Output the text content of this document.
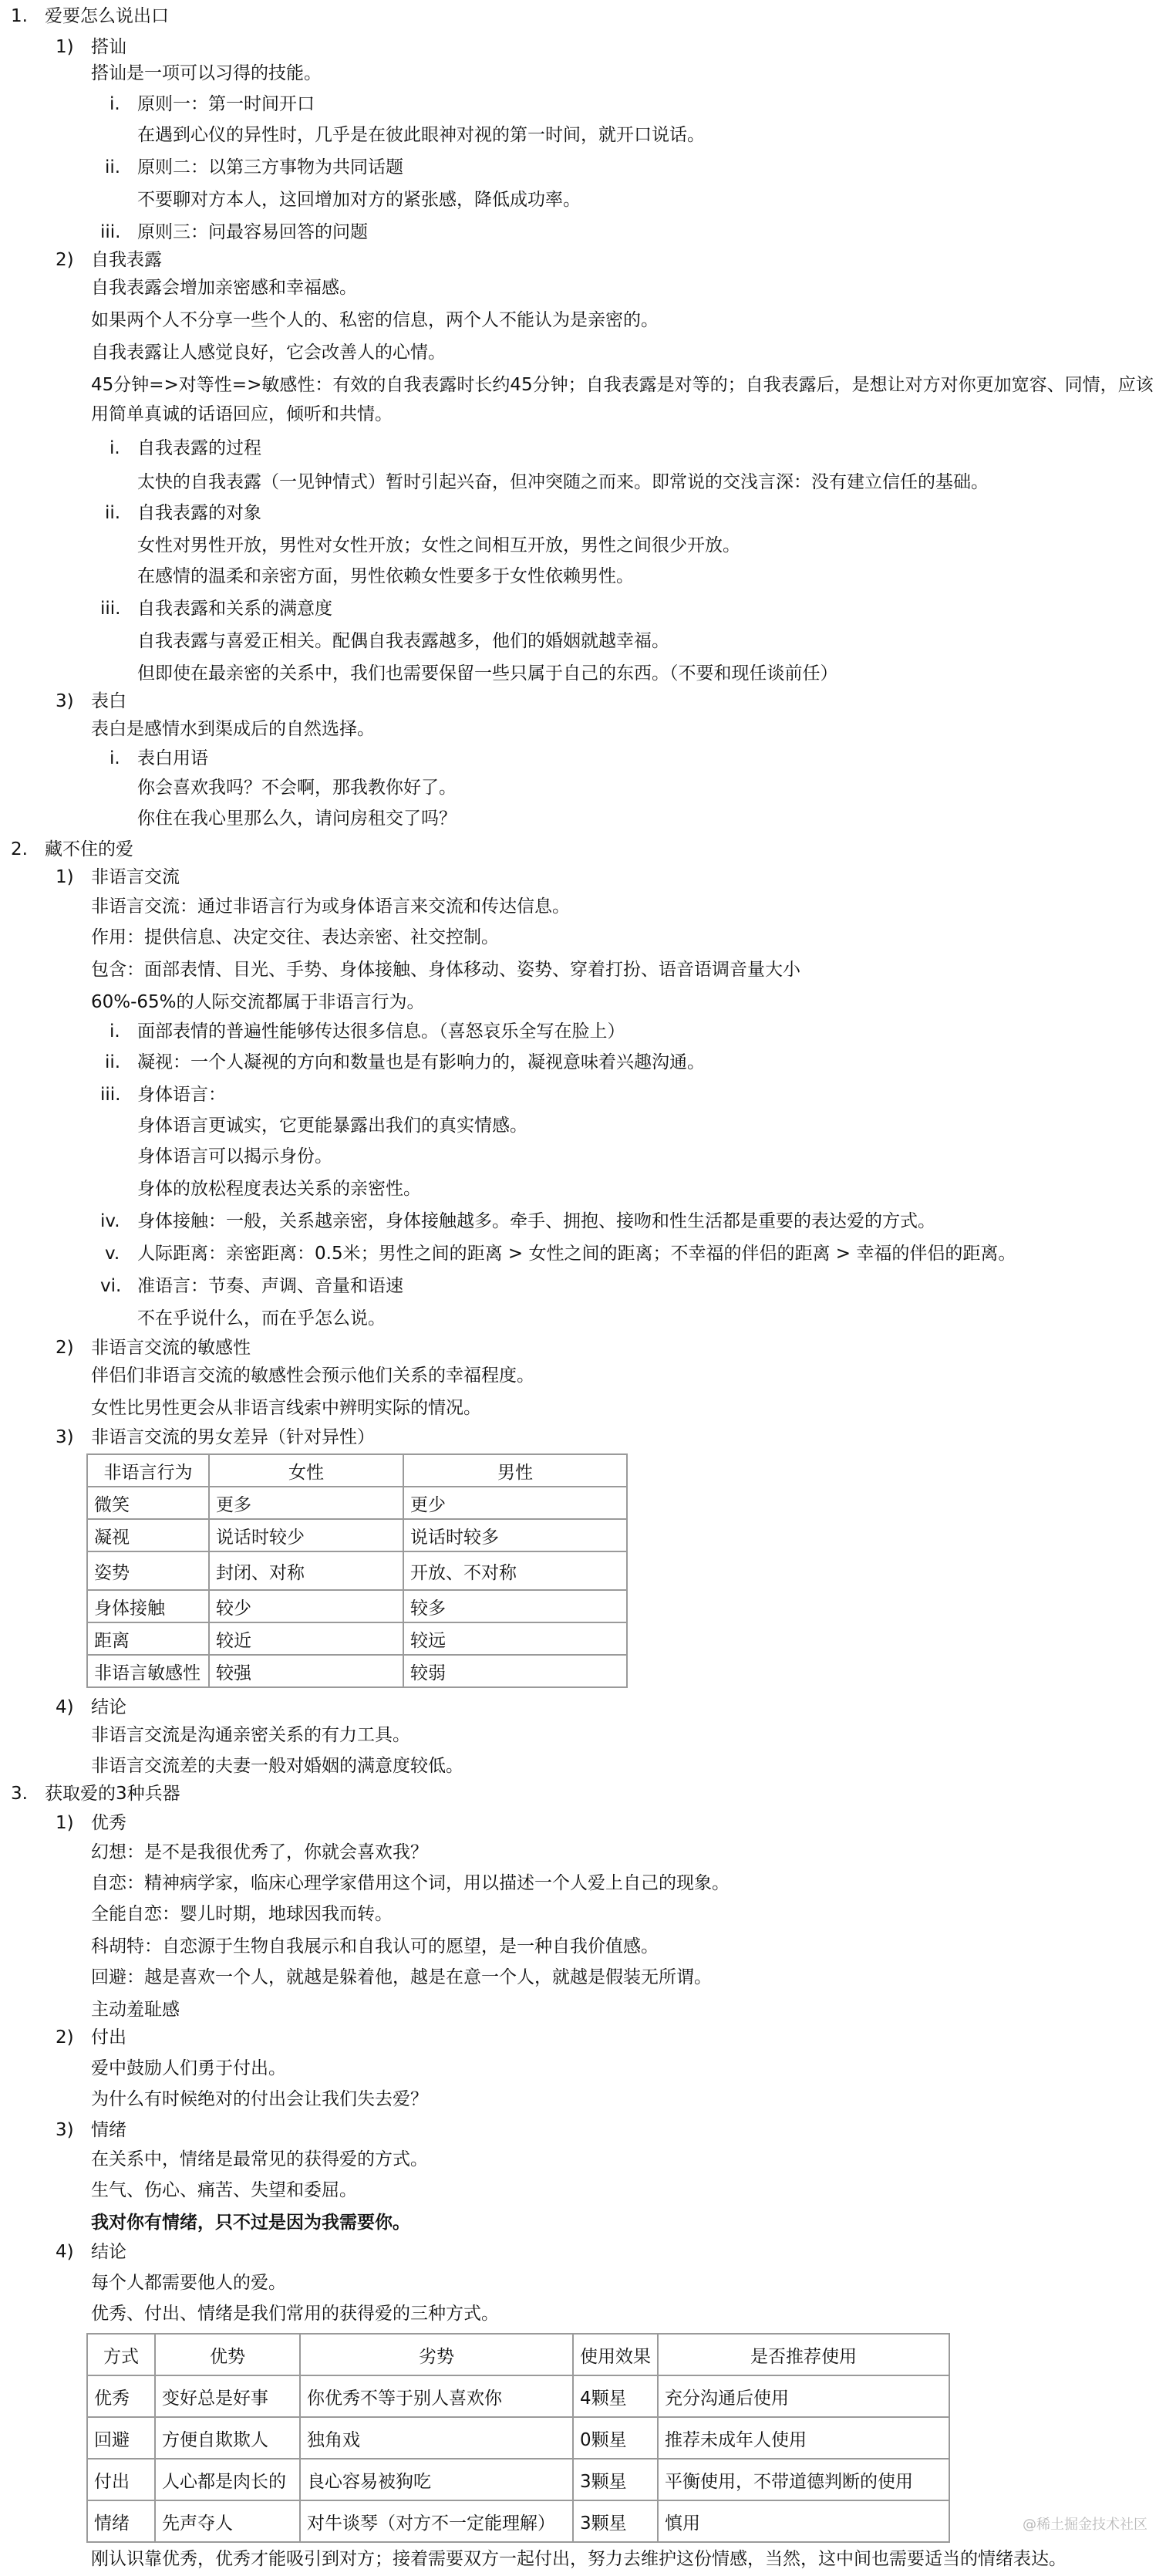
1. 爱要怎么说出口
1) 搭讪
搭讪是一项可以习得的技能。
i. 原则一：第一时间开口
在遇到心仪的异性时，几乎是在彼此眼神对视的第一时间，就开口说话。
ii. 原则二：以第三方事物为共同话题
不要聊对方本人，这回增加对方的紧张感，降低成功率。
iii. 原则三：问最容易回答的问题
2) 自我表露
自我表露会增加亲密感和幸福感。
如果两个人不分享一些个人的、私密的信息，两个人不能认为是亲密的。
自我表露让人感觉良好，它会改善人的心情。
45分钟=>对等性=>敏感性：有效的自我表露时长约45分钟；自我表露是对等的；自我表露后，是想让对方对你更加宽容、同情，应该用简单真诚的话语回应，倾听和共情。
i. 自我表露的过程
太快的自我表露（一见钟情式）暂时引起兴奋，但冲突随之而来。即常说的交浅言深：没有建立信任的基础。
ii. 自我表露的对象
女性对男性开放，男性对女性开放；女性之间相互开放，男性之间很少开放。
在感情的温柔和亲密方面，男性依赖女性要多于女性依赖男性。
iii. 自我表露和关系的满意度
自我表露与喜爱正相关。配偶自我表露越多，他们的婚姻就越幸福。
但即使在最亲密的关系中，我们也需要保留一些只属于自己的东西。（不要和现任谈前任）
3) 表白
表白是感情水到渠成后的自然选择。
i. 表白用语
你会喜欢我吗？不会啊，那我教你好了。
你住在我心里那么久，请问房租交了吗？
2. 藏不住的爱
1) 非语言交流
非语言交流：通过非语言行为或身体语言来交流和传达信息。
作用：提供信息、决定交往、表达亲密、社交控制。
包含：面部表情、目光、手势、身体接触、身体移动、姿势、穿着打扮、语音语调音量大小
60%-65%的人际交流都属于非语言行为。
i. 面部表情的普遍性能够传达很多信息。（喜怒哀乐全写在脸上）
ii. 凝视：一个人凝视的方向和数量也是有影响力的，凝视意味着兴趣沟通。
iii. 身体语言：
身体语言更诚实，它更能暴露出我们的真实情感。
身体语言可以揭示身份。
身体的放松程度表达关系的亲密性。
iv. 身体接触：一般，关系越亲密，身体接触越多。牵手、拥抱、接吻和性生活都是重要的表达爱的方式。
v. 人际距离：亲密距离：0.5米；男性之间的距离 > 女性之间的距离；不幸福的伴侣的距离 > 幸福的伴侣的距离。
vi. 准语言：节奏、声调、音量和语速
不在乎说什么，而在乎怎么说。
2) 非语言交流的敏感性
伴侣们非语言交流的敏感性会预示他们关系的幸福程度。
女性比男性更会从非语言线索中辨明实际的情况。
3) 非语言交流的男女差异（针对异性）
非语言行为	女性	男性
微笑	更多	更少
凝视	说话时较少	说话时较多
姿势	封闭、对称	开放、不对称
身体接触	较少	较多
距离	较近	较远
非语言敏感性	较强	较弱
4) 结论
非语言交流是沟通亲密关系的有力工具。
非语言交流差的夫妻一般对婚姻的满意度较低。
3. 获取爱的3种兵器
1) 优秀
幻想：是不是我很优秀了，你就会喜欢我？
自恋：精神病学家，临床心理学家借用这个词，用以描述一个人爱上自己的现象。
全能自恋：婴儿时期，地球因我而转。
科胡特：自恋源于生物自我展示和自我认可的愿望，是一种自我价值感。
回避：越是喜欢一个人，就越是躲着他，越是在意一个人，就越是假装无所谓。
主动羞耻感
2) 付出
爱中鼓励人们勇于付出。
为什么有时候绝对的付出会让我们失去爱？
3) 情绪
在关系中，情绪是最常见的获得爱的方式。
生气、伤心、痛苦、失望和委屈。
我对你有情绪，只不过是因为我需要你。
4) 结论
每个人都需要他人的爱。
优秀、付出、情绪是我们常用的获得爱的三种方式。
方式	优势	劣势	使用效果	是否推荐使用
优秀	变好总是好事	你优秀不等于别人喜欢你	4颗星	充分沟通后使用
回避	方便自欺欺人	独角戏	0颗星	推荐未成年人使用
付出	人心都是肉长的	良心容易被狗吃	3颗星	平衡使用，不带道德判断的使用
情绪	先声夺人	对牛谈琴（对方不一定能理解）	3颗星	慎用
刚认识靠优秀，优秀才能吸引到对方；接着需要双方一起付出，努力去维护这份情感，当然，这中间也需要适当的情绪表达。
@稀土掘金技术社区
